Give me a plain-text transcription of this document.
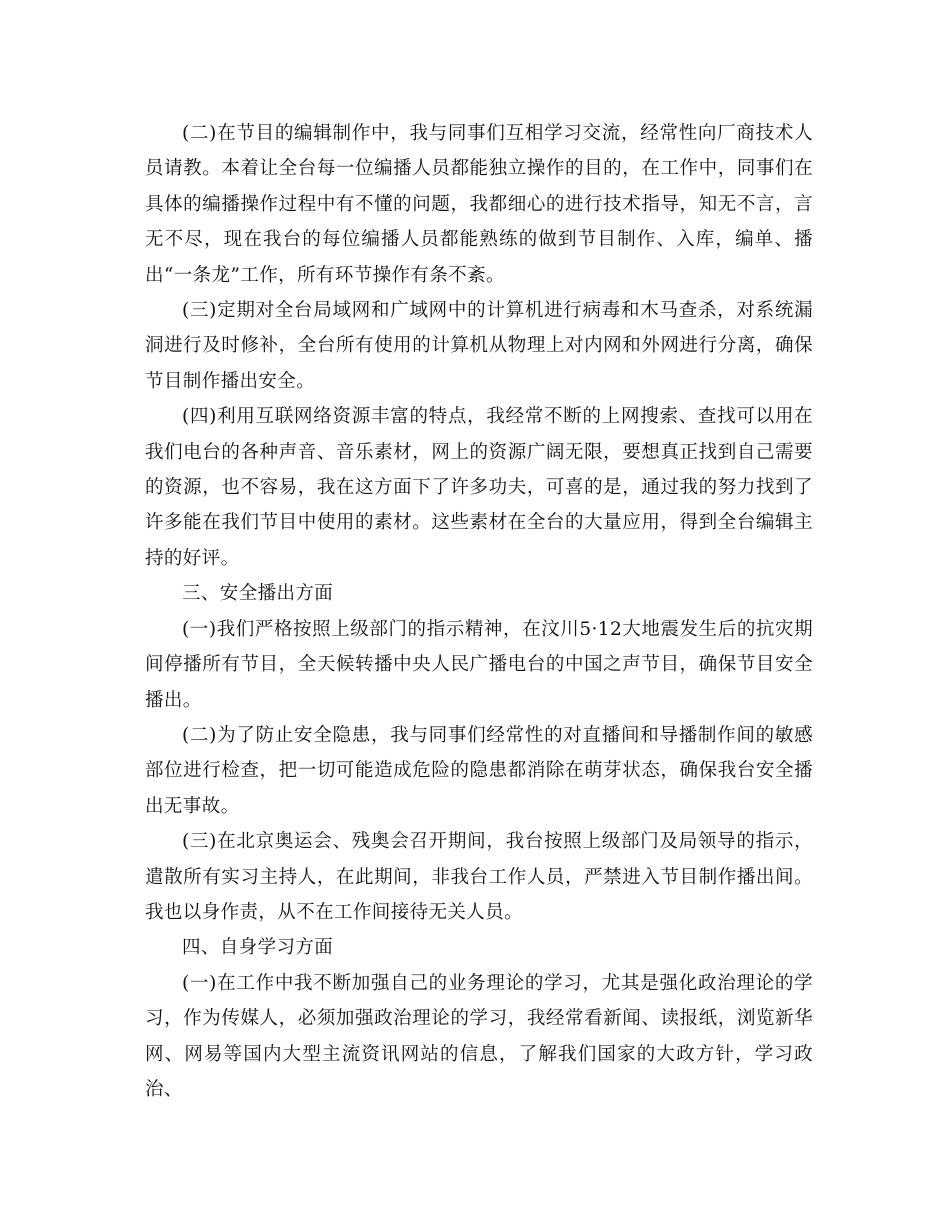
(二)在节目的编辑制作中，我与同事们互相学习交流，经常性向厂商技术人员请教。本着让全台每一位编播人员都能独立操作的目的，在工作中，同事们在具体的编播操作过程中有不懂的问题，我都细心的进行技术指导，知无不言，言无不尽，现在我台的每位编播人员都能熟练的做到节目制作、入库，编单、播出“一条龙”工作，所有环节操作有条不紊。

(三)定期对全台局域网和广域网中的计算机进行病毒和木马查杀，对系统漏洞进行及时修补，全台所有使用的计算机从物理上对内网和外网进行分离，确保节目制作播出安全。

(四)利用互联网络资源丰富的特点，我经常不断的上网搜索、查找可以用在我们电台的各种声音、音乐素材，网上的资源广阔无限，要想真正找到自己需要的资源，也不容易，我在这方面下了许多功夫，可喜的是，通过我的努力找到了许多能在我们节目中使用的素材。这些素材在全台的大量应用，得到全台编辑主持的好评。

三、安全播出方面

(一)我们严格按照上级部门的指示精神，在汶川5·12大地震发生后的抗灾期间停播所有节目，全天候转播中央人民广播电台的中国之声节目，确保节目安全播出。

(二)为了防止安全隐患，我与同事们经常性的对直播间和导播制作间的敏感部位进行检查，把一切可能造成危险的隐患都消除在萌芽状态，确保我台安全播出无事故。

(三)在北京奥运会、残奥会召开期间，我台按照上级部门及局领导的指示，遣散所有实习主持人，在此期间，非我台工作人员，严禁进入节目制作播出间。我也以身作责，从不在工作间接待无关人员。

四、自身学习方面

(一)在工作中我不断加强自己的业务理论的学习，尤其是强化政治理论的学习，作为传媒人，必须加强政治理论的学习，我经常看新闻、读报纸，浏览新华网、网易等国内大型主流资讯网站的信息，了解我们国家的大政方针，学习政治、
